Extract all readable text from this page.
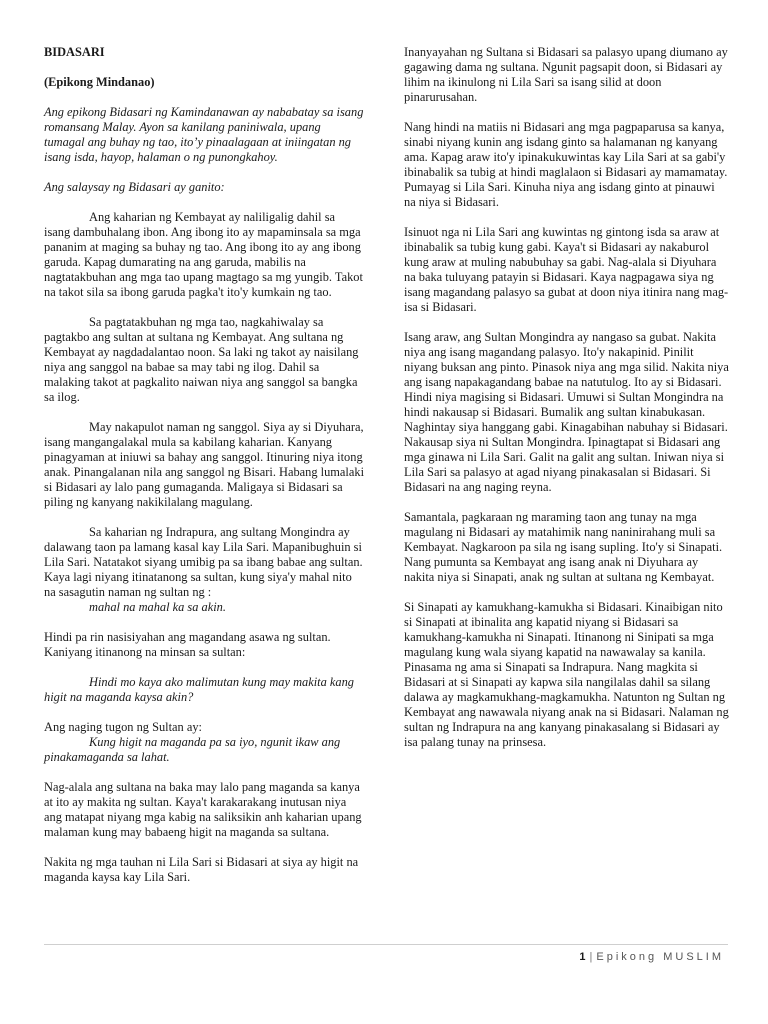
BIDASARI

(Epikong Mindanao)

Ang epikong Bidasari ng Kamindanawan ay nababatay sa isang romansang Malay. Ayon sa kanilang paniniwala, upang tumagal ang buhay ng tao, ito’y pinaalagaan at iniingatan ng isang isda, hayop, halaman o ng punongkahoy.

Ang salaysay ng Bidasari ay ganito:

Ang kaharian ng Kembayat ay naliligalig dahil sa isang dambuhalang ibon. Ang ibong ito ay mapaminsala sa mga pananim at maging sa buhay ng tao. Ang ibong ito ay ang ibong garuda. Kapag dumarating na ang garuda, mabilis na nagtatakbuhan ang mga tao upang magtago sa mg yungib. Takot na takot sila sa ibong garuda pagka't ito'y kumkain ng tao.

Sa pagtatakbuhan ng mga tao, nagkahiwalay sa pagtakbo ang sultan at sultana ng Kembayat. Ang sultana ng Kembayat ay nagdadalantao noon. Sa laki ng takot ay naisilang niya ang sanggol na babae sa may tabi ng ilog. Dahil sa malaking takot at pagkalito naiwan niya ang sanggol sa bangka sa ilog.

May nakapulot naman ng sanggol. Siya ay si Diyuhara, isang mangangalakal mula sa kabilang kaharian. Kanyang pinagyaman at iniuwi sa bahay ang sanggol. Itinuring niya itong anak. Pinangalanan nila ang sanggol ng Bisari. Habang lumalaki si Bidasari ay lalo pang gumaganda. Maligaya si Bidasari sa piling ng kanyang nakikilalang magulang.

Sa kaharian ng Indrapura, ang sultang Mongindra ay dalawang taon pa lamang kasal kay Lila Sari. Mapanibughuin si Lila Sari. Natatakot siyang umibig pa sa ibang babae ang sultan. Kaya lagi niyang itinatanong sa sultan, kung siya'y mahal nito na sasagutin naman ng sultan ng :

mahal na mahal ka sa akin.

Hindi pa rin nasisiyahan ang magandang asawa ng sultan. Kaniyang itinanong na minsan sa sultan:

Hindi mo kaya ako malimutan kung may makita kang higit na maganda kaysa akin?

Ang naging tugon ng Sultan ay:

Kung higit na maganda pa sa iyo, ngunit ikaw ang pinakamaganda sa lahat.

Nag-alala ang sultana na baka may lalo pang maganda sa kanya at ito ay makita ng sultan. Kaya't karakarakang inutusan niya ang matapat niyang mga kabig na saliksikin anh kaharian upang malaman kung may babaeng higit na maganda sa sultana.

Nakita ng mga tauhan ni Lila Sari si Bidasari at siya ay higit na maganda kaysa kay Lila Sari.

Inanyayahan ng Sultana si Bidasari sa palasyo upang diumano ay gagawing dama ng sultana. Ngunit pagsapit doon, si Bidasari ay lihim na ikinulong ni Lila Sari sa isang silid at doon pinarurusahan.

Nang hindi na matiis ni Bidasari ang mga pagpaparusa sa kanya, sinabi niyang kunin ang isdang ginto sa halamanan ng kanyang ama. Kapag araw ito'y ipinakukuwintas kay Lila Sari at sa gabi'y ibinabalik sa tubig at hindi maglalaon si Bidasari ay mamamatay. Pumayag si Lila Sari. Kinuha niya ang isdang ginto at pinauwi na niya si Bidasari.

Isinuot nga ni Lila Sari ang kuwintas ng gintong isda sa araw at ibinabalik sa tubig kung gabi. Kaya't si Bidasari ay nakaburol kung araw at muling nabubuhay sa gabi. Nag-alala si Diyuhara na baka tuluyang patayin si Bidasari. Kaya nagpagawa siya ng isang magandang palasyo sa gubat at doon niya itinira nang mag-isa si Bidasari.

Isang araw, ang Sultan Mongindra ay nangaso sa gubat. Nakita niya ang isang magandang palasyo. Ito'y nakapinid. Pinilit niyang buksan ang pinto. Pinasok niya ang mga silid. Nakita niya ang isang napakagandang babae na natutulog. Ito ay si Bidasari. Hindi niya magising si Bidasari. Umuwi si Sultan Mongindra na hindi nakausap si Bidasari. Bumalik ang sultan kinabukasan. Naghintay siya hanggang gabi. Kinagabihan nabuhay si Bidasari. Nakausap siya ni Sultan Mongindra. Ipinagtapat si Bidasari ang mga ginawa ni Lila Sari. Galit na galit ang sultan. Iniwan niya si Lila Sari sa palasyo at agad niyang pinakasalan si Bidasari. Si Bidasari na ang naging reyna.

Samantala, pagkaraan ng maraming taon ang tunay na mga magulang ni Bidasari ay matahimik nang naninirahang muli sa Kembayat. Nagkaroon pa sila ng isang supling. Ito'y si Sinapati. Nang pumunta sa Kembayat ang isang anak ni Diyuhara ay nakita niya si Sinapati, anak ng sultan at sultana ng Kembayat.

Si Sinapati ay kamukhang-kamukha si Bidasari. Kinaibigan nito si Sinapati at ibinalita ang kapatid niyang si Bidasari sa kamukhang-kamukha ni Sinapati. Itinanong ni Sinipati sa mga magulang kung wala siyang kapatid na nawawalay sa kanila. Pinasama ng ama si Sinapati sa Indrapura. Nang magkita si Bidasari at si Sinapati ay kapwa sila nangilalas dahil sa silang dalawa ay magkamukhang-magkamukha. Natunton ng Sultan ng Kembayat ang nawawala niyang anak na si Bidasari. Nalaman ng sultan ng Indrapura na ang kanyang pinakasalang si Bidasari ay isa palang tunay na prinsesa.

1 | Epikong MUSLIM
